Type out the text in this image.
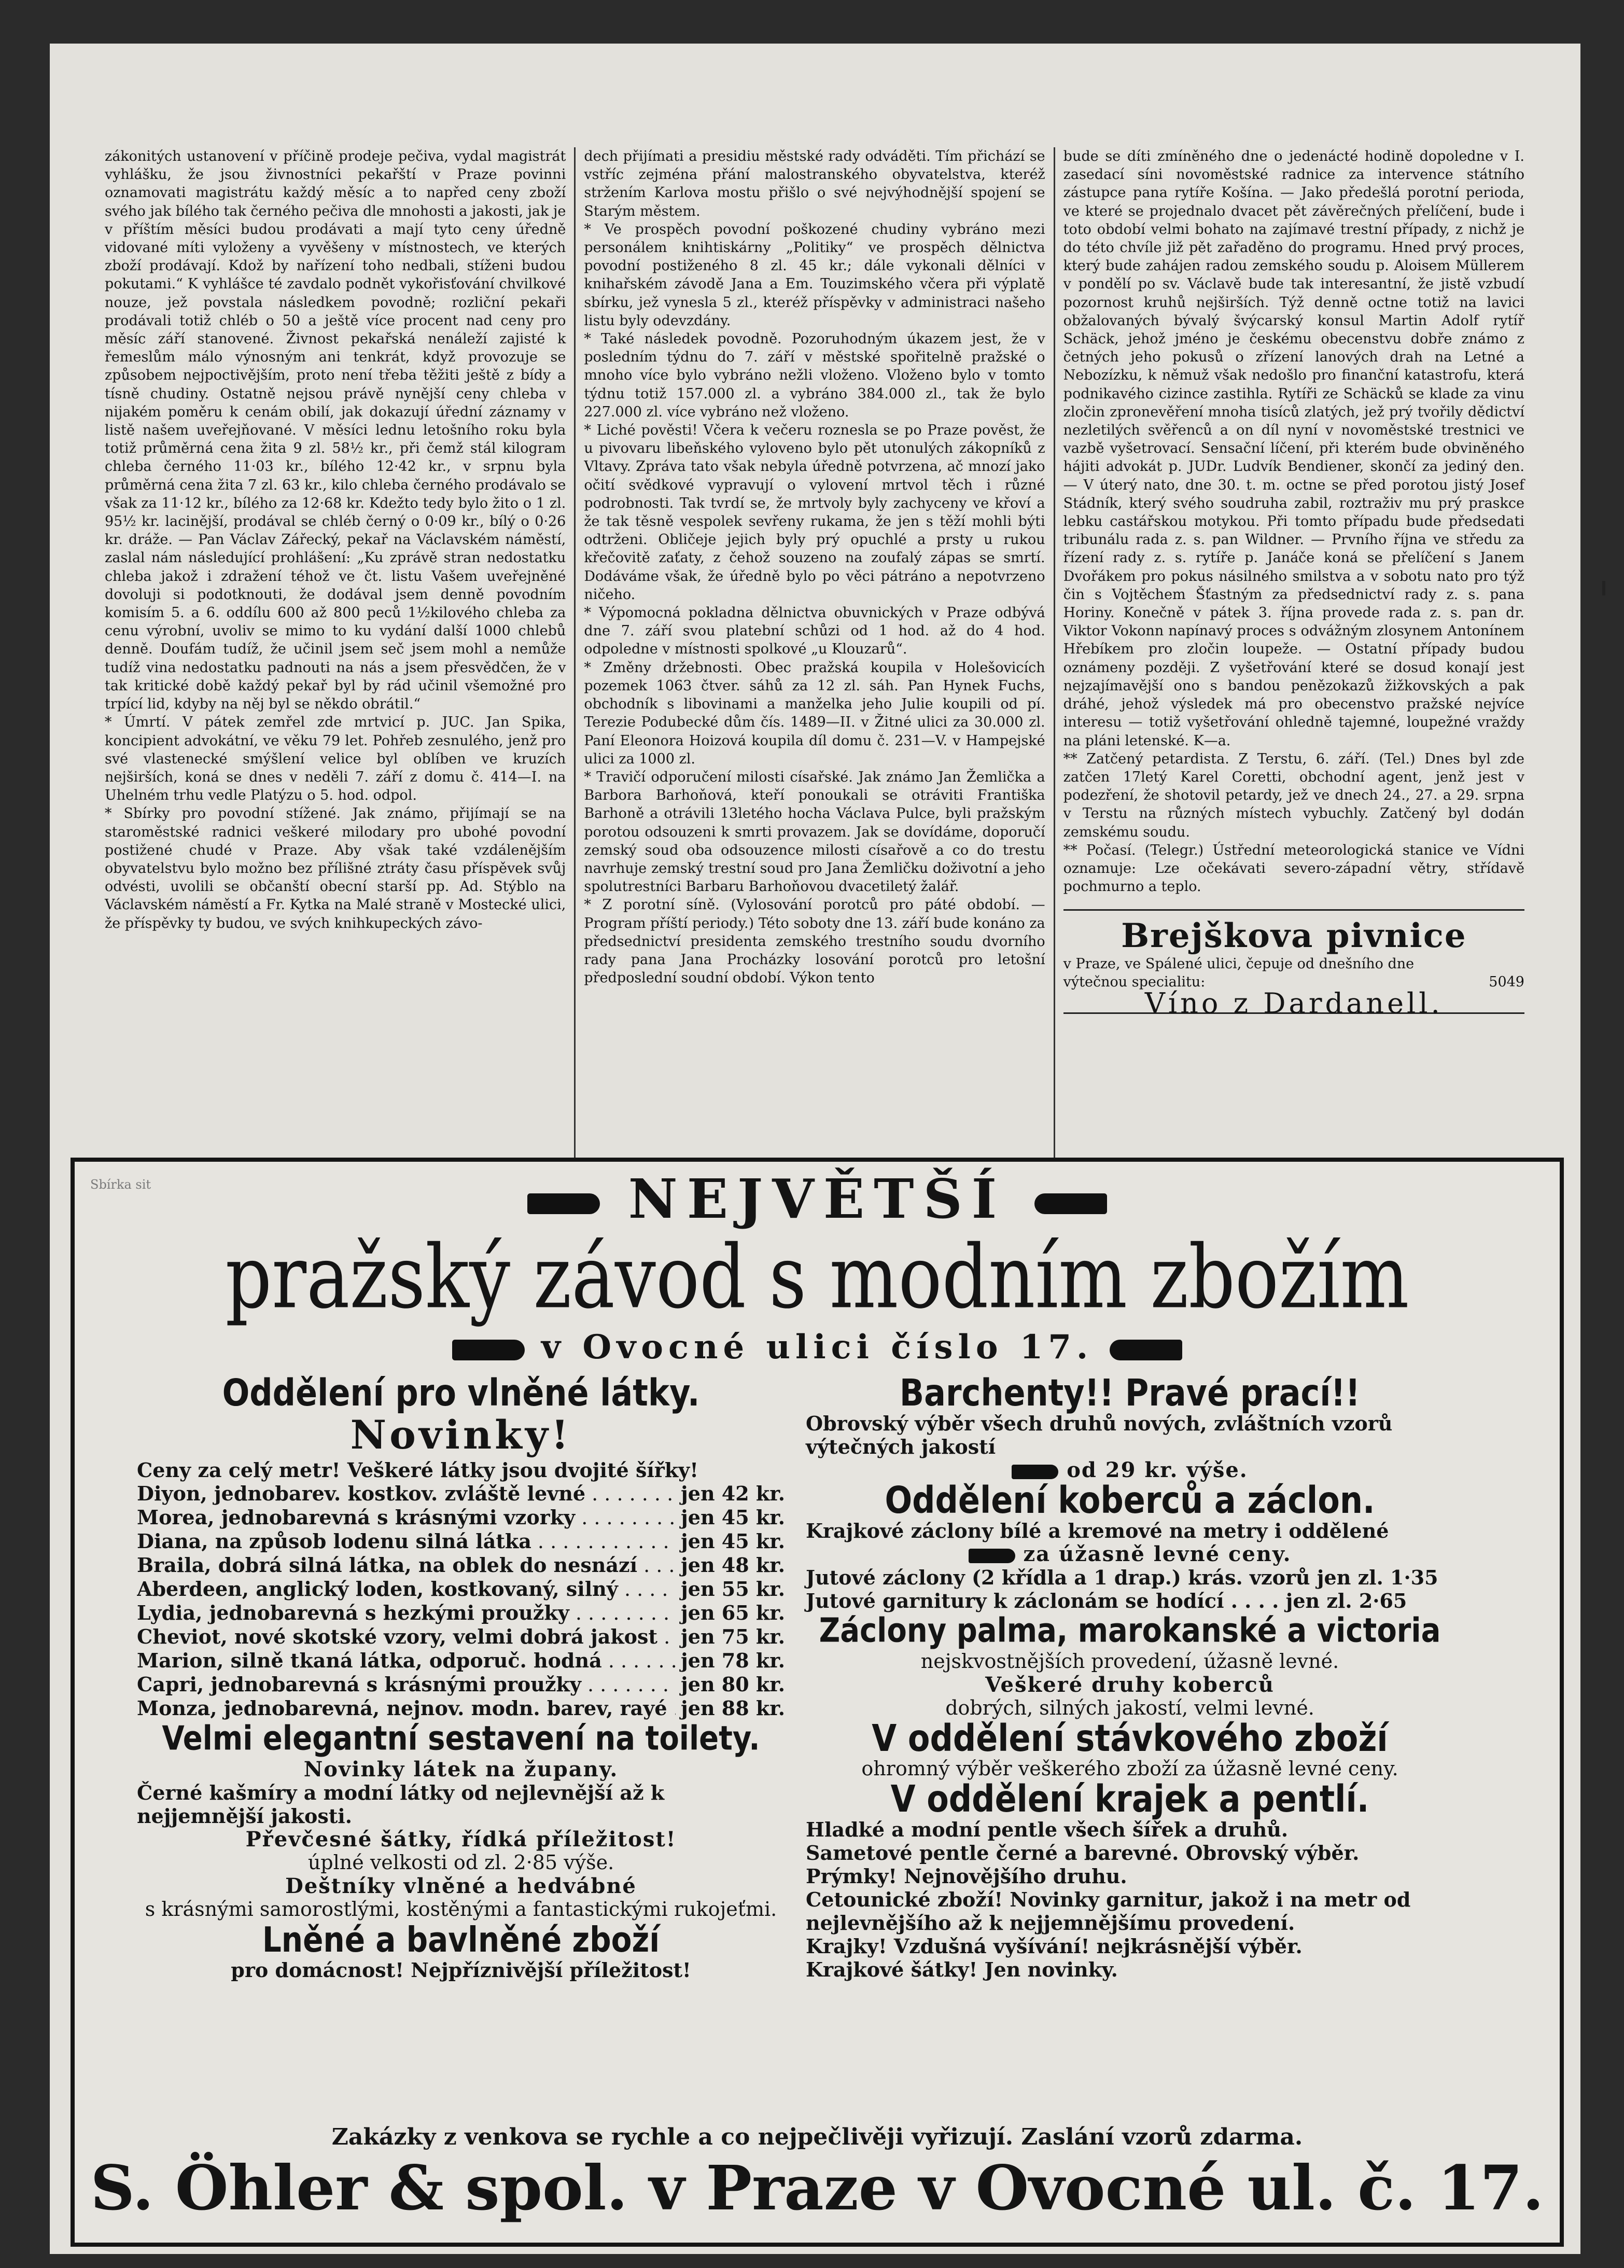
zákonitých ustanovení v příčině prodeje pečiva, vydal magistrát vyhlášku, že jsou živnostníci pekařští v Praze povinni oznamovati magistrátu každý měsíc a to napřed ceny zboží svého jak bílého tak černého pečiva dle mnohosti a jakosti, jak je v příštím měsíci budou prodávati a mají tyto ceny úředně vidované míti vyloženy a vyvěšeny v místnostech, ve kterých zboží prodávají. Kdož by nařízení toho nedbali, stíženi budou pokutami.“ K vyhlášce té zavdalo podnět vykořisťování chvilkové nouze, jež povstala následkem povodně; rozliční pekaři prodávali totiž chléb o 50 a ještě více procent nad ceny pro měsíc září stanovené. Živnost pekařská nenáleží zajisté k řemeslům málo výnosným ani tenkrát, když provozuje se způsobem nejpoctivějším, proto není třeba těžiti ještě z bídy a tísně chudiny. Ostatně nejsou právě nynější ceny chleba v nijakém poměru k cenám obilí, jak dokazují úřední záznamy v listě našem uveřejňované. V měsíci lednu letošního roku byla totiž průměrná cena žita 9 zl. 58½ kr., při čemž stál kilogram chleba černého 11·03 kr., bílého 12·42 kr., v srpnu byla průměrná cena žita 7 zl. 63 kr., kilo chleba černého prodávalo se však za 11·12 kr., bílého za 12·68 kr. Kdežto tedy bylo žito o 1 zl. 95½ kr. lacinější, prodával se chléb černý o 0·09 kr., bílý o 0·26 kr. dráže. — Pan Václav Zářecký, pekař na Václavském náměstí, zaslal nám následující prohlášení: „Ku zprávě stran nedostatku chleba jakož i zdražení téhož ve čt. listu Vašem uveřejněné dovoluji si podotknouti, že dodával jsem denně povodním komisím 5. a 6. oddílu 600 až 800 peců 1½kilového chleba za cenu výrobní, uvoliv se mimo to ku vydání další 1000 chlebů denně. Doufám tudíž, že učinil jsem seč jsem mohl a nemůže tudíž vina nedostatku padnouti na nás a jsem přesvědčen, že v tak kritické době každý pekař byl by rád učinil všemožné pro trpící lid, kdyby na něj byl se někdo obrátil.“

* Úmrtí. V pátek zemřel zde mrtvicí p. JUC. Jan Spika, koncipient advokátní, ve věku 79 let. Pohřeb zesnulého, jenž pro své vlastenecké smýšlení velice byl oblíben ve kruzích nejširších, koná se dnes v neděli 7. září z domu č. 414—I. na Uhelném trhu vedle Platýzu o 5. hod. odpol.

* Sbírky pro povodní stížené. Jak známo, přijímají se na staroměstské radnici veškeré milodary pro ubohé povodní postižené chudé v Praze. Aby však také vzdálenějším obyvatelstvu bylo možno bez přílišné ztráty času příspěvek svůj odvésti, uvolili se občanští obecní starší pp. Ad. Stýblo na Václavském náměstí a Fr. Kytka na Malé straně v Mostecké ulici, že příspěvky ty budou, ve svých knihkupeckých závo-

dech přijímati a presidiu městské rady odváděti. Tím přichází se vstříc zejména přání malostranského obyvatelstva, kteréž stržením Karlova mostu přišlo o své nejvýhodnější spojení se Starým městem.

* Ve prospěch povodní poškozené chudiny vybráno mezi personálem knihtiskárny „Politiky“ ve prospěch dělnictva povodní postiženého 8 zl. 45 kr.; dále vykonali dělníci v knihařském závodě Jana a Em. Touzimského včera při výplatě sbírku, jež vynesla 5 zl., kteréž příspěvky v administraci našeho listu byly odevzdány.

* Také následek povodně. Pozoruhodným úkazem jest, že v posledním týdnu do 7. září v městské spořitelně pražské o mnoho více bylo vybráno nežli vloženo. Vloženo bylo v tomto týdnu totiž 157.000 zl. a vybráno 384.000 zl., tak že bylo 227.000 zl. více vybráno než vloženo.

* Liché pověsti! Včera k večeru roznesla se po Praze pověst, že u pivovaru libeňského vyloveno bylo pět utonulých zákopníků z Vltavy. Zpráva tato však nebyla úředně potvrzena, ač mnozí jako očití svědkové vypravují o vylovení mrtvol těch i různé podrobnosti. Tak tvrdí se, že mrtvoly byly zachyceny ve křoví a že tak těsně vespolek sevřeny rukama, že jen s těží mohli býti odtrženi. Obličeje jejich byly prý opuchlé a prsty u rukou křečovitě zaťaty, z čehož souzeno na zoufalý zápas se smrtí. Dodáváme však, že úředně bylo po věci pátráno a nepotvrzeno ničeho.

* Výpomocná pokladna dělnictva obuvnických v Praze odbývá dne 7. září svou platební schůzi od 1 hod. až do 4 hod. odpoledne v místnosti spolkové „u Klouzarů“.

* Změny držebnosti. Obec pražská koupila v Holešovicích pozemek 1063 čtver. sáhů za 12 zl. sáh. Pan Hynek Fuchs, obchodník s libovinami a manželka jeho Julie koupili od pí. Terezie Podubecké dům čís. 1489—II. v Žitné ulici za 30.000 zl. Paní Eleonora Hoizová koupila díl domu č. 231—V. v Hampejské ulici za 1000 zl.

* Travičí odporučení milosti císařské. Jak známo Jan Žemlička a Barbora Barhoňová, kteří ponoukali se otráviti Františka Barhoně a otrávili 13letého hocha Václava Pulce, byli pražským porotou odsouzeni k smrti provazem. Jak se dovídáme, doporučí zemský soud oba odsouzence milosti císařově a co do trestu navrhuje zemský trestní soud pro Jana Žemličku doživotní a jeho spolutrestníci Barbaru Barhoňovou dvacetiletý žalář.

* Z porotní síně. (Vylosování porotců pro páté období. — Program příští periody.) Této soboty dne 13. září bude konáno za předsednictví presidenta zemského trestního soudu dvorního rady pana Jana Procházky losování porotců pro letošní předposlední soudní období. Výkon tento

bude se díti zmíněného dne o jedenácté hodině dopoledne v I. zasedací síni novoměstské radnice za intervence státního zástupce pana rytíře Košína. — Jako předešlá porotní perioda, ve které se projednalo dvacet pět závěrečných přelíčení, bude i toto období velmi bohato na zajímavé trestní případy, z nichž je do této chvíle již pět zařaděno do programu. Hned prvý proces, který bude zahájen radou zemského soudu p. Aloisem Müllerem v pondělí po sv. Václavě bude tak interesantní, že jistě vzbudí pozornost kruhů nejširších. Týž denně octne totiž na lavici obžalovaných bývalý švýcarský konsul Martin Adolf rytíř Schäck, jehož jméno je českému obecenstvu dobře známo z četných jeho pokusů o zřízení lanových drah na Letné a Nebozízku, k němuž však nedošlo pro finanční katastrofu, která podnikavého cizince zastihla. Rytíři ze Schäcků se klade za vinu zločin zpronevěření mnoha tisíců zlatých, jež prý tvořily dědictví nezletilých svěřenců a on díl nyní v novoměstské trestnici ve vazbě vyšetrovací. Sensační líčení, při kterém bude obviněného hájiti advokát p. JUDr. Ludvík Bendiener, skončí za jediný den. — V úterý nato, dne 30. t. m. octne se před porotou jistý Josef Stádník, který svého soudruha zabil, roztraživ mu prý praskce lebku castářskou motykou. Při tomto případu bude předsedati tribunálu rada z. s. pan Wildner. — Prvního října ve středu za řízení rady z. s. rytíře p. Janáče koná se přelíčení s Janem Dvořákem pro pokus násilného smilstva a v sobotu nato pro týž čin s Vojtěchem Šťastným za předsednictví rady z. s. pana Horiny. Konečně v pátek 3. října provede rada z. s. pan dr. Viktor Vokonn napínavý proces s odvážným zlosynem Antonínem Hřebíkem pro zločin loupeže. — Ostatní případy budou oznámeny později. Z vyšetřování které se dosud konají jest nejzajímavější ono s bandou penězokazů žižkovských a pak dráhé, jehož výsledek má pro obecenstvo pražské nejvíce interesu — totiž vyšetřování ohledně tajemné, loupežné vraždy na pláni letenské. K—a.

** Zatčený petardista. Z Terstu, 6. září. (Tel.) Dnes byl zde zatčen 17letý Karel Coretti, obchodní agent, jenž jest v podezření, že shotovil petardy, jež ve dnech 24., 27. a 29. srpna v Terstu na různých místech vybuchly. Zatčený byl dodán zemskému soudu.

** Počasí. (Telegr.) Ústřední meteorologická stanice ve Vídni oznamuje: Lze očekávati severo-západní větry, střídavě pochmurno a teplo.

Brejškova pivnice
v Praze, ve Spálené ulici, čepuje od dnešního dne
výtečnou specialitu:	5049
Víno z Dardanell.
Sbírka sit	NEJVĚTŠÍ
pražský závod s modním zbožím
v Ovocné ulici číslo 17.
Oddělení pro vlněné látky.
Novinky!
Ceny za celý metr! Veškeré látky jsou dvojité šířky!
Diyon, jednobarev. kostkov. zvláště levné . . .	jen 42 kr.
Morea, jednobarevná s krásnými vzorky . . .	jen 45 kr.
Diana, na způsob lodenu silná látka . . .	jen 45 kr.
Braila, dobrá silná látka, na oblek do nesnází . . .	jen 48 kr.
Aberdeen, anglický loden, kostkovaný, silný . . .	jen 55 kr.
Lydia, jednobarevná s hezkými proužky . . .	jen 65 kr.
Cheviot, nové skotské vzory, velmi dobrá jakost . . .	jen 75 kr.
Marion, silně tkaná látka, odporuč. hodná . . .	jen 78 kr.
Capri, jednobarevná s krásnými proužky . . .	jen 80 kr.
Monza, jednobarevná, nejnov. modn. barev, rayé . . . jen 88 kr.
Velmi elegantní sestavení na toilety.
Novinky látek na župany.
Černé kašmíry a modní látky od nejlevnější až k nejjemnější jakosti.
Převčesné šátky, řídká příležitost!
úplné velkosti od zl. 2·85 výše.
Deštníky vlněné a hedvábné
s krásnými samorostlými, kostěnými a fantastickými rukojeťmi.
Lněné a bavlněné zboží
pro domácnost! Nejpříznivější příležitost!
Barchenty!! Pravé prací!!
Obrovský výběr všech druhů nových, zvláštních vzorů výtečných jakostí
od 29 kr. výše.
Oddělení koberců a záclon.
Krajkové záclony bílé a kremové na metry i oddělené
za úžasně levné ceny.
Jutové záclony (2 křídla a 1 drap.) krás. vzorů jen zl. 1·35
Jutové garnitury k záclonám se hodící . . . . jen zl. 2·65
Záclony palma, marokanské a victoria
nejskvostnějších provedení, úžasně levné.
Veškeré druhy koberců
dobrých, silných jakostí, velmi levné.
V oddělení stávkového zboží
ohromný výběr veškerého zboží za úžasně levné ceny.
V oddělení krajek a pentlí.
Hladké a modní pentle všech šířek a druhů.
Sametové pentle černé a barevné. Obrovský výběr.
Prýmky! Nejnovějšího druhu.
Cetounické zboží! Novinky garnitur, jakož i na metr od nejlevnějšího až k nejjemnějšímu provedení.
Krajky! Vzdušná vyšívání! nejkrásnější výběr.
Krajkové šátky! Jen novinky.
Zakázky z venkova se rychle a co nejpečlivěji vyřizují. Zaslání vzorů zdarma.
S. Öhler & spol. v Praze v Ovocné ul. č. 17.
